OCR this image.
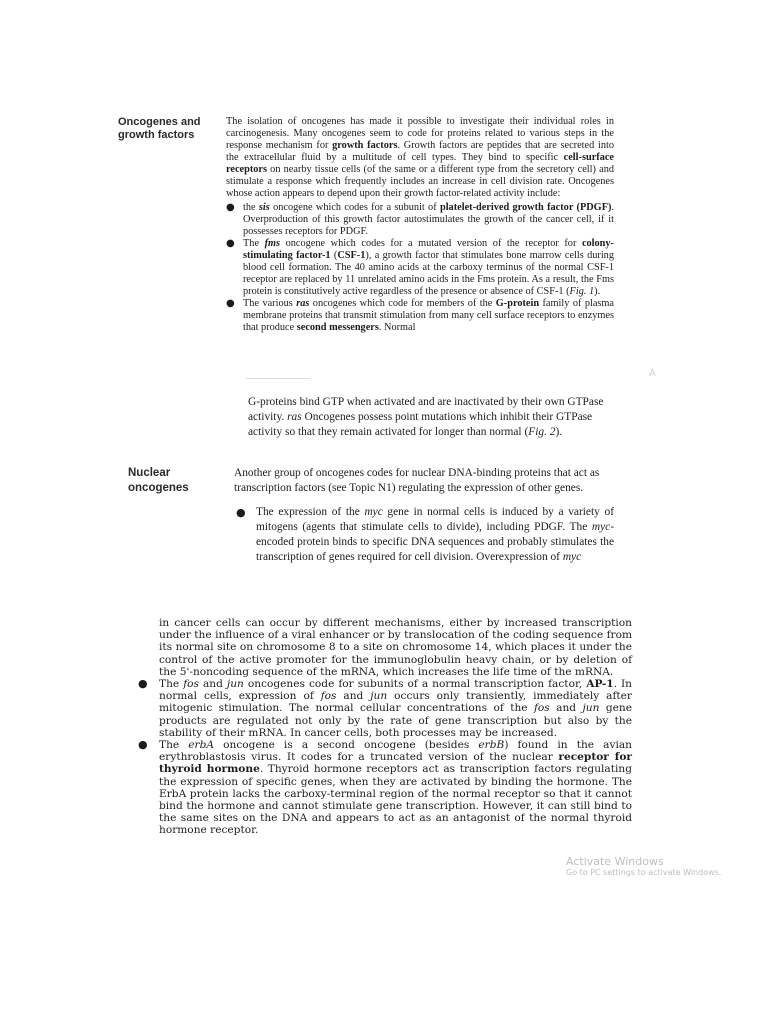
Oncogenes and
growth factors

The isolation of oncogenes has made it possible to investigate their individual roles in carcinogenesis. Many oncogenes seem to code for proteins related to various steps in the response mechanism for growth factors. Growth factors are peptides that are secreted into the extracellular fluid by a multitude of cell types. They bind to specific cell-surface receptors on nearby tissue cells (of the same or a different type from the secretory cell) and stimulate a response which frequently includes an increase in cell division rate. Oncogenes whose action appears to depend upon their growth factor-related activity include:

● the sis oncogene which codes for a subunit of platelet-derived growth factor (PDGF). Overproduction of this growth factor autostimulates the growth of the cancer cell, if it possesses receptors for PDGF.
● The fms oncogene which codes for a mutated version of the receptor for colony-stimulating factor-1 (CSF-1), a growth factor that stimulates bone marrow cells during blood cell formation. The 40 amino acids at the carboxy terminus of the normal CSF-1 receptor are replaced by 11 unrelated amino acids in the Fms protein. As a result, the Fms protein is constitutively active regardless of the presence or absence of CSF-1 (Fig. 1).
● The various ras oncogenes which code for members of the G-protein family of plasma membrane proteins that transmit stimulation from many cell surface receptors to enzymes that produce second messengers. Normal
A

G-proteins bind GTP when activated and are inactivated by their own GTPase activity. ras Oncogenes possess point mutations which inhibit their GTPase activity so that they remain activated for longer than normal (Fig. 2).

Nuclear
oncogenes

Another group of oncogenes codes for nuclear DNA-binding proteins that act as transcription factors (see Topic N1) regulating the expression of other genes.

● The expression of the myc gene in normal cells is induced by a variety of mitogens (agents that stimulate cells to divide), including PDGF. The myc-encoded protein binds to specific DNA sequences and probably stimulates the transcription of genes required for cell division. Overexpression of myc

in cancer cells can occur by different mechanisms, either by increased transcription under the influence of a viral enhancer or by translocation of the coding sequence from its normal site on chromosome 8 to a site on chromosome 14, which places it under the control of the active promoter for the immunoglobulin heavy chain, or by deletion of the 5'-noncoding sequence of the mRNA, which increases the life time of the mRNA.

● The fos and jun oncogenes code for subunits of a normal transcription factor, AP-1. In normal cells, expression of fos and jun occurs only transiently, immediately after mitogenic stimulation. The normal cellular concentrations of the fos and jun gene products are regulated not only by the rate of gene transcription but also by the stability of their mRNA. In cancer cells, both processes may be increased.
● The erbA oncogene is a second oncogene (besides erbB) found in the avian erythroblastosis virus. It codes for a truncated version of the nuclear receptor for thyroid hormone. Thyroid hormone receptors act as transcription factors regulating the expression of specific genes, when they are activated by binding the hormone. The ErbA protein lacks the carboxy-terminal region of the normal receptor so that it cannot bind the hormone and cannot stimulate gene transcription. However, it can still bind to the same sites on the DNA and appears to act as an antagonist of the normal thyroid hormone receptor.
Activate Windows
Go to PC settings to activate Windows.
